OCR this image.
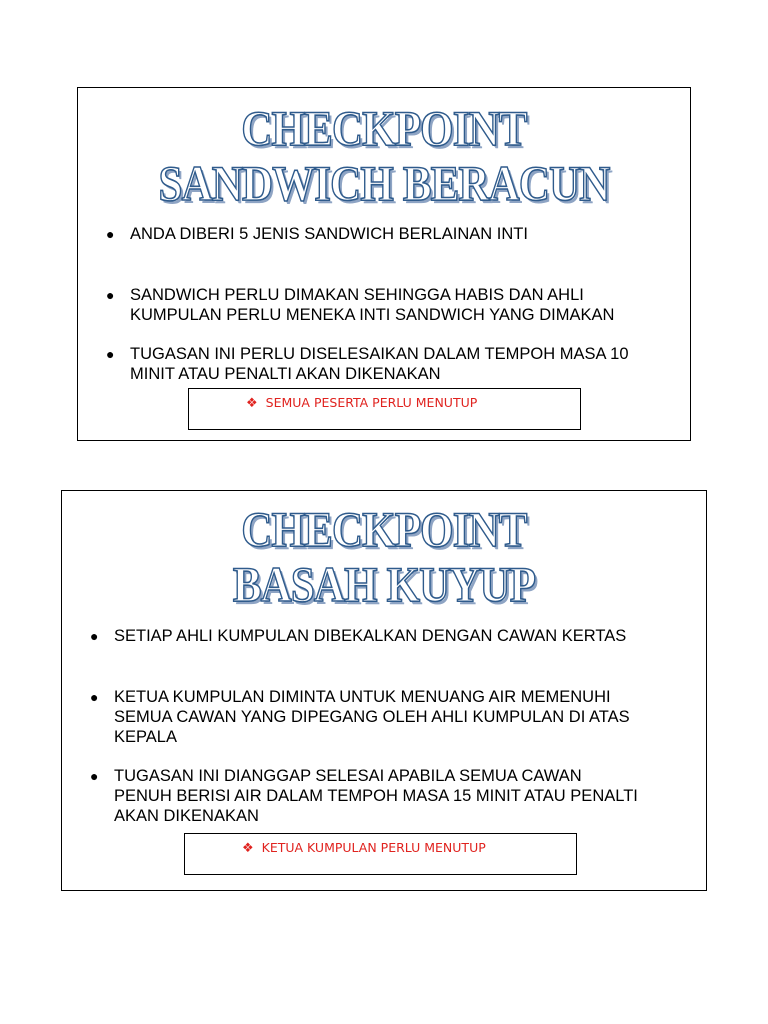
CHECKPOINT
SANDWICH BERACUN
● ANDA DIBERI 5 JENIS SANDWICH BERLAINAN INTI
● SANDWICH PERLU DIMAKAN SEHINGGA HABIS DAN AHLI
KUMPULAN PERLU MENEKA INTI SANDWICH YANG DIMAKAN
● TUGASAN INI PERLU DISELESAIKAN DALAM TEMPOH MASA 10
MINIT ATAU PENALTI AKAN DIKENAKAN
❖ SEMUA PESERTA PERLU MENUTUP
CHECKPOINT
BASAH KUYUP
● SETIAP AHLI KUMPULAN DIBEKALKAN DENGAN CAWAN KERTAS
● KETUA KUMPULAN DIMINTA UNTUK MENUANG AIR MEMENUHI
SEMUA CAWAN YANG DIPEGANG OLEH AHLI KUMPULAN DI ATAS
KEPALA
● TUGASAN INI DIANGGAP SELESAI APABILA SEMUA CAWAN
PENUH BERISI AIR DALAM TEMPOH MASA 15 MINIT ATAU PENALTI
AKAN DIKENAKAN
❖ KETUA KUMPULAN PERLU MENUTUP
